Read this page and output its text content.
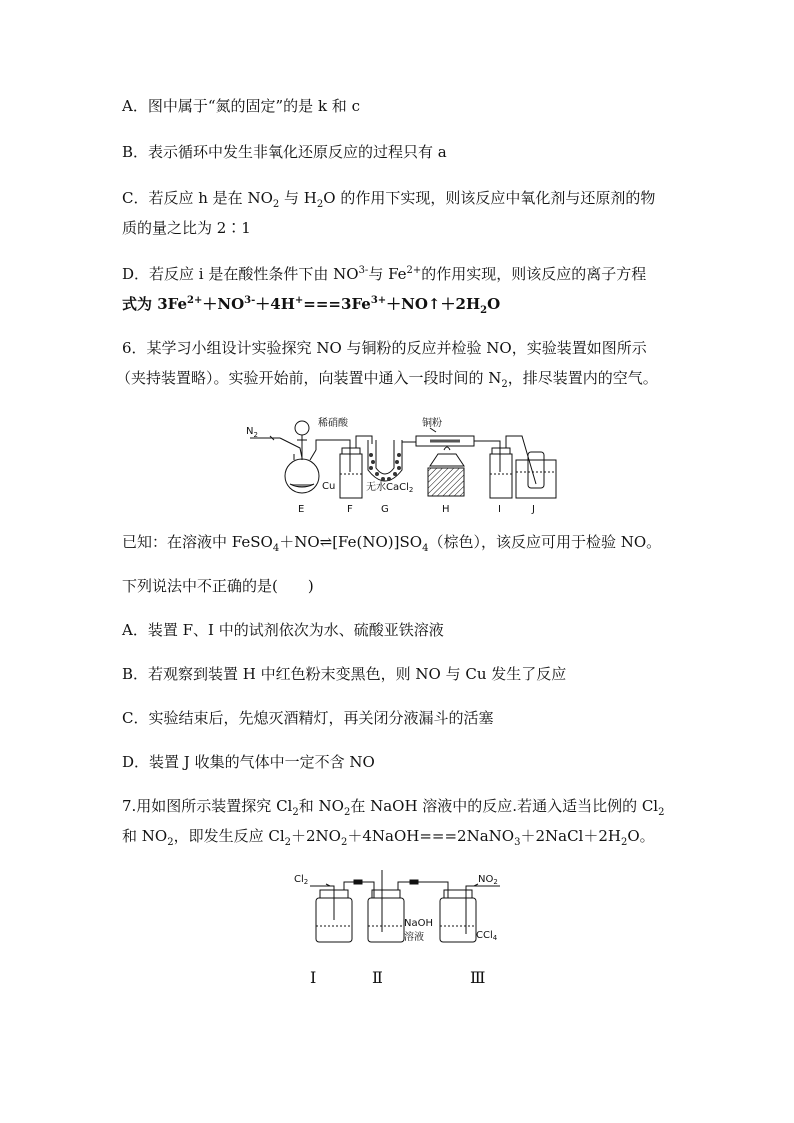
A．图中属于“氮的固定”的是 k 和 c
B．表示循环中发生非氧化还原反应的过程只有 a
C．若反应 h 是在 $NO_2$ 与 $H_2O$ 的作用下实现，则该反应中氧化剂与还原剂的物
质的量之比为 2∶1
D．若反应 i 是在酸性条件下由 $NO^{3-}$与 $Fe^{2+}$的作用实现，则该反应的离子方程
式为 $3Fe^{2+}+NO^{3-}+4H^+===3Fe^{3+}+NO↑+2H_2O$
6．某学习小组设计实验探究 NO 与铜粉的反应并检验 NO，实验装置如图所示
（夹持装置略）。实验开始前，向装置中通入一段时间的 $N_2$，排尽装置内的空气。
$N_2$
稀硝酸
Cu
铜粉
无水CaCl$_2$
E	F	G	H	I	J
已知：在溶液中 $FeSO_4+NO\rightleftharpoons[Fe(NO)]SO_4$（棕色），该反应可用于检验 NO。
下列说法中不正确的是(　　)
A．装置 F、I 中的试剂依次为水、硫酸亚铁溶液
B．若观察到装置 H 中红色粉末变黑色，则 NO 与 Cu 发生了反应
C．实验结束后，先熄灭酒精灯，再关闭分液漏斗的活塞
D．装置 J 收集的气体中一定不含 NO
7.用如图所示装置探究 $Cl_2$和 $NO_2$在 NaOH 溶液中的反应.若通入适当比例的 $Cl_2$
和 $NO_2$，即发生反应 $Cl_2+2NO_2+4NaOH===2NaNO_3+2NaCl+2H_2O$。
$Cl_2$	$NO_2$
NaOH
溶液	CCl$_4$
Ⅰ	Ⅱ	Ⅲ
